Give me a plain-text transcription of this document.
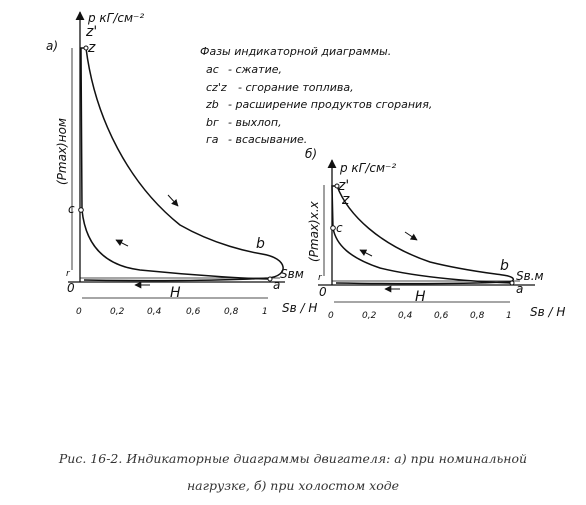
а)
р кГ/см⁻²
(Pmax)ном
z'
z
c
b
Sвм
a
r
0	H
0	0,2	0,4	0,6	0,8	1 Sв / H
Фазы индикаторной диаграммы.
ас - сжатие,
сz'z - сгорание топлива,
zb - расширение продуктов сгорания,
bг - выхлоп,
га - всасывание.
б)
р кГ/см⁻²
(Pmax)х.х
z'
z
c
b
Sв.м
a
r
0	H
0	0,2 0,4 0,6 0,8 1 Sв / H
Рис. 16-2. Индикаторные диаграммы двигателя: а) при номинальной
нагрузке, б) при холостом ходе
